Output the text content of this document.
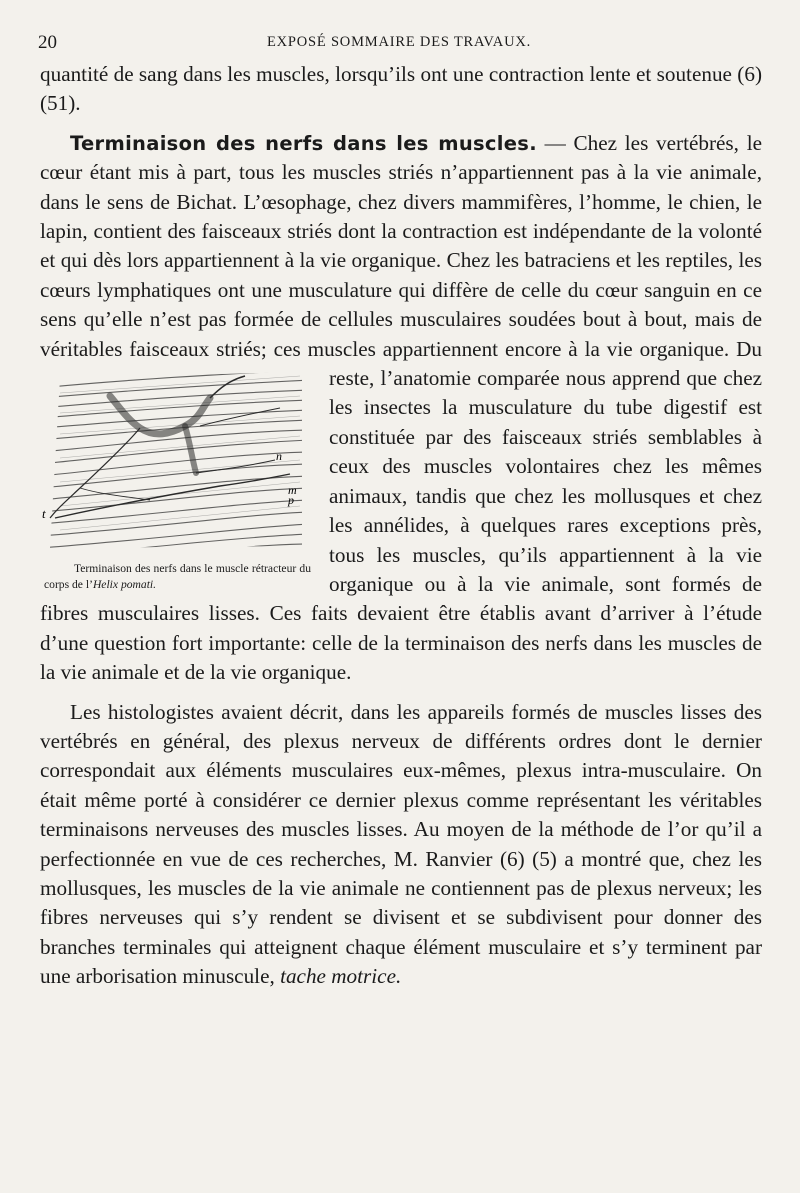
20	EXPOSÉ SOMMAIRE DES TRAVAUX.

quantité de sang dans les muscles, lorsqu’ils ont une contraction lente et soutenue (6) (51).

Terminaison des nerfs dans les muscles. — Chez les vertébrés, le cœur étant mis à part, tous les muscles striés n’appartiennent pas à la vie animale, dans le sens de Bichat. L’œsophage, chez divers mammifères, l’homme, le chien, le lapin, contient des faisceaux striés dont la contraction est indépendante de la volonté et qui dès lors appartiennent à la vie organique. Chez les batraciens et les reptiles, les cœurs lymphatiques ont une musculature qui diffère de celle du cœur sanguin en ce sens qu’elle n’est pas formée de cellules musculaires soudées bout à bout, mais de véritables faisceaux striés; ces muscles appartiennent encore à la vie organique. Du reste, l’anatomie comparée nous apprend
n
m
p
t
Terminaison des nerfs dans le muscle rétracteur du corps de l’Helix pomati.
que chez les insectes la musculature du tube digestif est constituée par des faisceaux striés semblables à ceux des muscles volontaires chez les mêmes animaux, tandis que chez les mollusques et chez les annélides, à quelques rares exceptions près, tous les muscles, qu’ils appartiennent à la vie organique ou à la vie animale, sont formés de fibres musculaires lisses. Ces faits devaient être établis avant d’arriver à l’étude d’une question fort importante: celle de la terminaison des nerfs dans les muscles de la vie animale et de la vie organique.

Les histologistes avaient décrit, dans les appareils formés de muscles lisses des vertébrés en général, des plexus nerveux de différents ordres dont le dernier correspondait aux éléments musculaires eux-mêmes, plexus intra-musculaire. On était même porté à considérer ce dernier plexus comme représentant les véritables terminaisons nerveuses des muscles lisses. Au moyen de la méthode de l’or qu’il a perfectionnée en vue de ces recherches, M. Ranvier (6) (5) a montré que, chez les mollusques, les muscles de la vie animale ne contiennent pas de plexus nerveux; les fibres nerveuses qui s’y rendent se divisent et se subdivisent pour donner des branches terminales qui atteignent chaque élément musculaire et s’y terminent par une arborisation minuscule, tache motrice.
